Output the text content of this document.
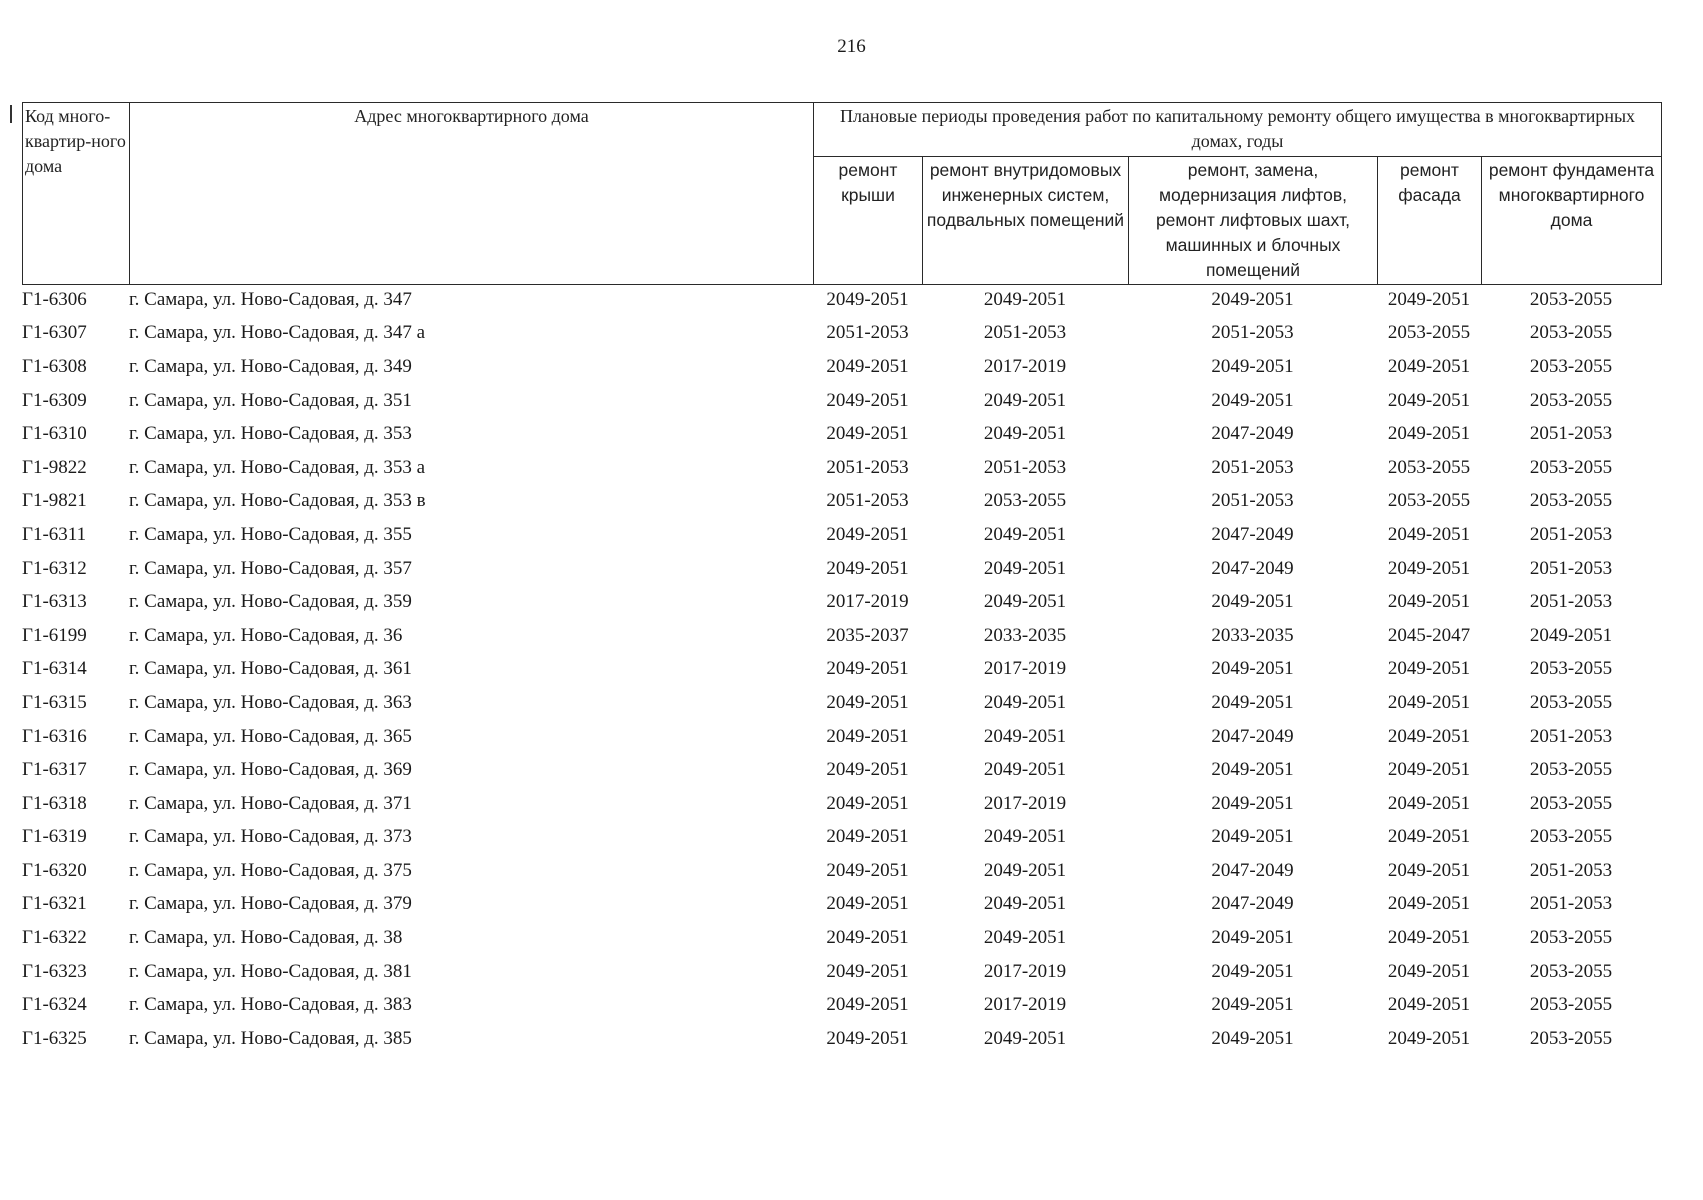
216
Код много-квартир-ного дома	Адрес многоквартирного дома	Плановые периоды проведения работ по капитальному ремонту общего имущества в многоквартирных домах, годы				
		ремонт крыши	ремонт внутридомовых инженерных систем, подвальных помещений	ремонт, замена, модернизация лифтов, ремонт лифтовых шахт, машинных и блочных помещений	ремонт фасада	ремонт фундамента многоквартирного дома
Г1-6306	г. Самара, ул. Ново-Садовая, д. 347	2049-2051	2049-2051	2049-2051	2049-2051	2053-2055
Г1-6307	г. Самара, ул. Ново-Садовая, д. 347 а	2051-2053	2051-2053	2051-2053	2053-2055	2053-2055
Г1-6308	г. Самара, ул. Ново-Садовая, д. 349	2049-2051	2017-2019	2049-2051	2049-2051	2053-2055
Г1-6309	г. Самара, ул. Ново-Садовая, д. 351	2049-2051	2049-2051	2049-2051	2049-2051	2053-2055
Г1-6310	г. Самара, ул. Ново-Садовая, д. 353	2049-2051	2049-2051	2047-2049	2049-2051	2051-2053
Г1-9822	г. Самара, ул. Ново-Садовая, д. 353 а	2051-2053	2051-2053	2051-2053	2053-2055	2053-2055
Г1-9821	г. Самара, ул. Ново-Садовая, д. 353 в	2051-2053	2053-2055	2051-2053	2053-2055	2053-2055
Г1-6311	г. Самара, ул. Ново-Садовая, д. 355	2049-2051	2049-2051	2047-2049	2049-2051	2051-2053
Г1-6312	г. Самара, ул. Ново-Садовая, д. 357	2049-2051	2049-2051	2047-2049	2049-2051	2051-2053
Г1-6313	г. Самара, ул. Ново-Садовая, д. 359	2017-2019	2049-2051	2049-2051	2049-2051	2051-2053
Г1-6199	г. Самара, ул. Ново-Садовая, д. 36	2035-2037	2033-2035	2033-2035	2045-2047	2049-2051
Г1-6314	г. Самара, ул. Ново-Садовая, д. 361	2049-2051	2017-2019	2049-2051	2049-2051	2053-2055
Г1-6315	г. Самара, ул. Ново-Садовая, д. 363	2049-2051	2049-2051	2049-2051	2049-2051	2053-2055
Г1-6316	г. Самара, ул. Ново-Садовая, д. 365	2049-2051	2049-2051	2047-2049	2049-2051	2051-2053
Г1-6317	г. Самара, ул. Ново-Садовая, д. 369	2049-2051	2049-2051	2049-2051	2049-2051	2053-2055
Г1-6318	г. Самара, ул. Ново-Садовая, д. 371	2049-2051	2017-2019	2049-2051	2049-2051	2053-2055
Г1-6319	г. Самара, ул. Ново-Садовая, д. 373	2049-2051	2049-2051	2049-2051	2049-2051	2053-2055
Г1-6320	г. Самара, ул. Ново-Садовая, д. 375	2049-2051	2049-2051	2047-2049	2049-2051	2051-2053
Г1-6321	г. Самара, ул. Ново-Садовая, д. 379	2049-2051	2049-2051	2047-2049	2049-2051	2051-2053
Г1-6322	г. Самара, ул. Ново-Садовая, д. 38	2049-2051	2049-2051	2049-2051	2049-2051	2053-2055
Г1-6323	г. Самара, ул. Ново-Садовая, д. 381	2049-2051	2017-2019	2049-2051	2049-2051	2053-2055
Г1-6324	г. Самара, ул. Ново-Садовая, д. 383	2049-2051	2017-2019	2049-2051	2049-2051	2053-2055
Г1-6325	г. Самара, ул. Ново-Садовая, д. 385	2049-2051	2049-2051	2049-2051	2049-2051	2053-2055
